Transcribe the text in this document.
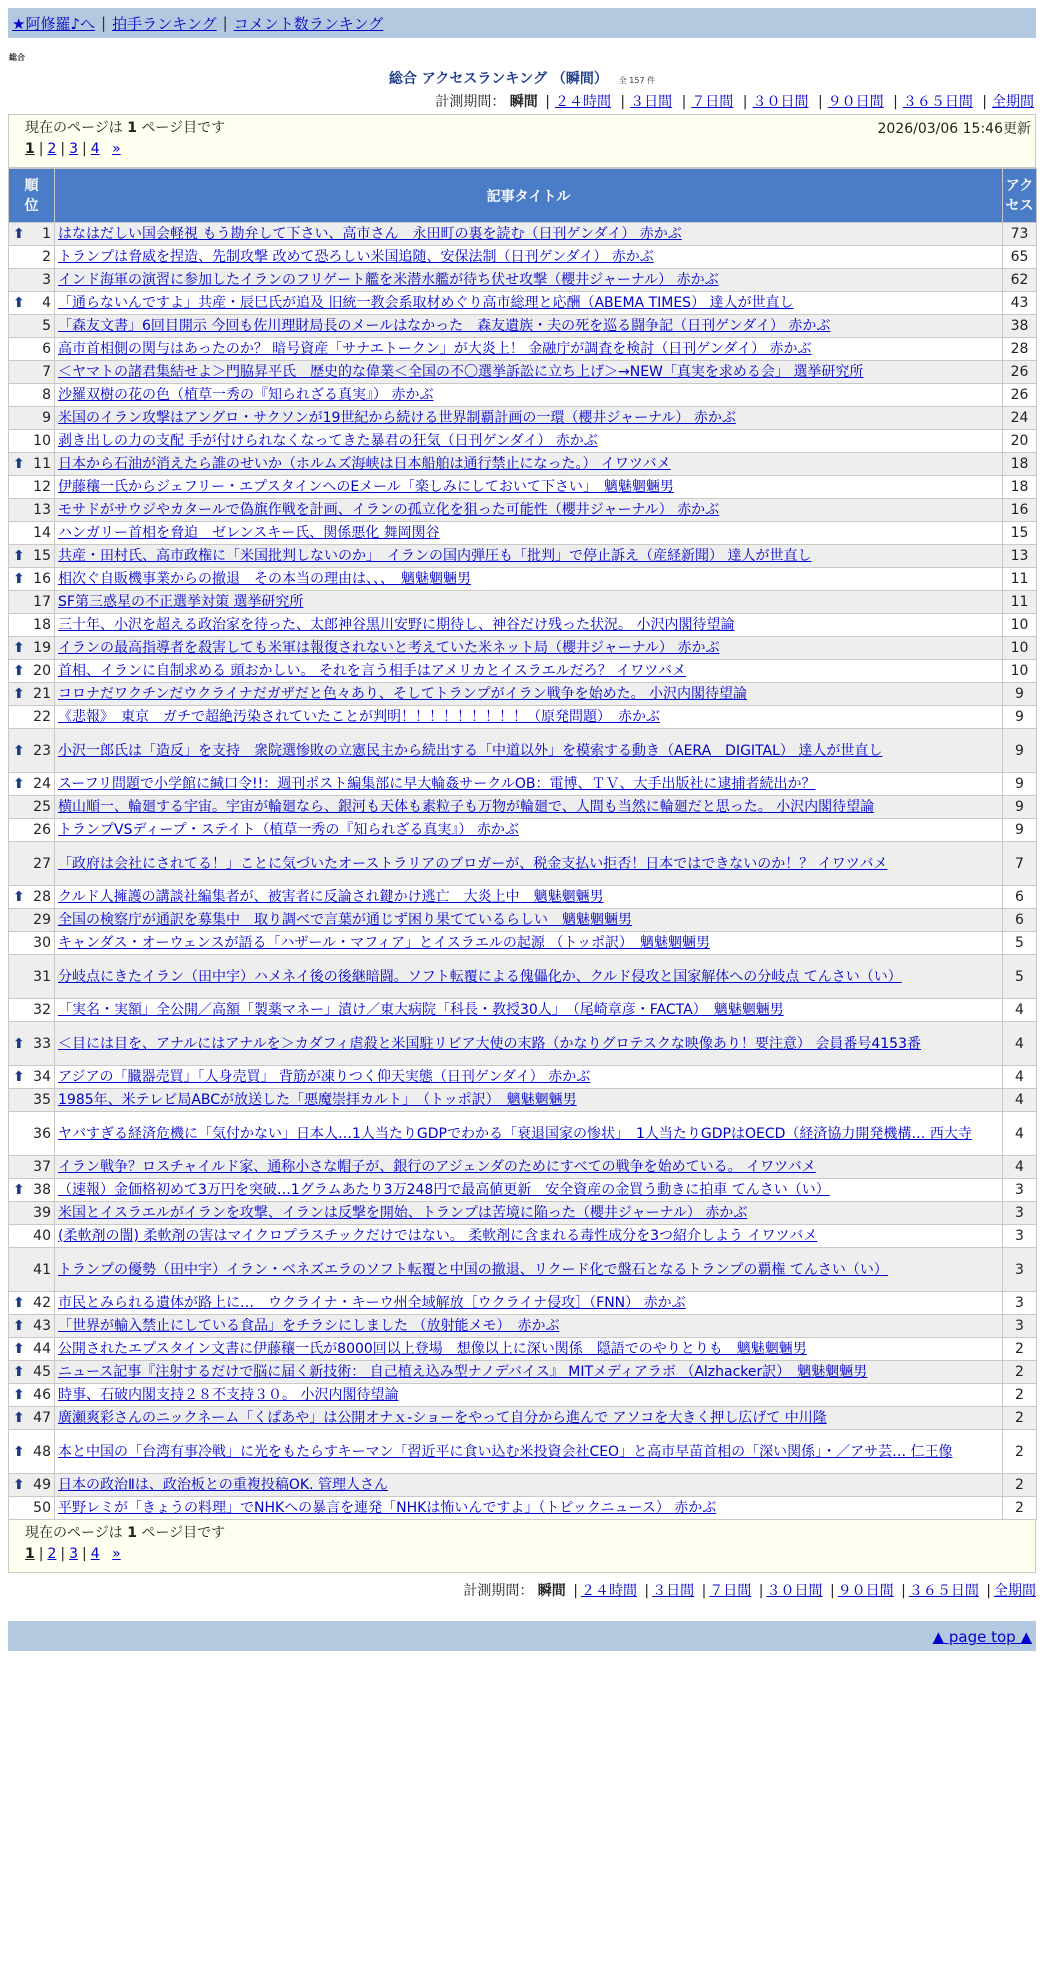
★阿修羅♪へ | 拍手ランキング | コメント数ランキング
総合
総合 アクセスランキング （瞬間） 全 157 件
計測期間： 瞬間 | ２４時間 | ３日間 | ７日間 | ３０日間 | ９０日間 | ３６５日間 | 全期間
現在のページは 1 ページ目です	2026/03/06 15:46更新
1 | 2 | 3 | 4 »
順位	記事タイトル	アクセス

⬆ 1	はなはだしい国会軽視 もう勘弁して下さい、高市さん　永田町の裏を読む（日刊ゲンダイ） 赤かぶ	73
2	トランプは脅威を捏造、先制攻撃 改めて恐ろしい米国追随、安保法制（日刊ゲンダイ） 赤かぶ	65
3	インド海軍の演習に参加したイランのフリゲート艦を米潜水艦が待ち伏せ攻撃（櫻井ジャーナル） 赤かぶ	62

⬆ 4	「通らないんですよ」共産・辰巳氏が追及 旧統一教会系取材めぐり高市総理と応酬（ABEMA TIMES） 達人が世直し	43
5	「森友文書」6回目開示 今回も佐川理財局長のメールはなかった　森友遺族・夫の死を巡る闘争記（日刊ゲンダイ） 赤かぶ	38
6	高市首相側の関与はあったのか？ 暗号資産「サナエトークン」が大炎上！ 金融庁が調査を検討（日刊ゲンダイ） 赤かぶ	28
7	＜ヤマトの諸君集結せよ＞門脇昇平氏　歴史的な偉業＜全国の不〇選挙訴訟に立ち上げ＞→NEW「真実を求める会」 選挙研究所	26
8	沙羅双樹の花の色（植草一秀の『知られざる真実』） 赤かぶ	26
9	米国のイラン攻撃はアングロ・サクソンが19世紀から続ける世界制覇計画の一環（櫻井ジャーナル） 赤かぶ	24
10	剥き出しの力の支配 手が付けられなくなってきた暴君の狂気（日刊ゲンダイ） 赤かぶ	20

⬆ 11	日本から石油が消えたら誰のせいか（ホルムズ海峡は日本船舶は通行禁止になった。） イワツバメ	18
12	伊藤穰一氏からジェフリー・エプスタインへのEメール「楽しみにしておいて下さい」　魑魅魍魎男	18
13	モサドがサウジやカタールで偽旗作戦を計画、イランの孤立化を狙った可能性（櫻井ジャーナル） 赤かぶ	16
14	ハンガリー首相を脅迫　ゼレンスキー氏、関係悪化 舞岡関谷	15

⬆ 15	共産・田村氏、高市政権に「米国批判しないのか」　イランの国内弾圧も「批判」で停止訴え（産経新聞） 達人が世直し	13

⬆ 16	相次ぐ自販機事業からの撤退　その本当の理由は、、、　魑魅魍魎男	11
17	SF第三惑星の不正選挙対策 選挙研究所	11
18	三十年、小沢を超える政治家を待った、太郎神谷黒川安野に期待し、神谷だけ残った状況。 小沢内閣待望論	10

⬆ 19	イランの最高指導者を殺害しても米軍は報復されないと考えていた米ネット局（櫻井ジャーナル） 赤かぶ	10

⬆ 20	首相、イランに自制求める 頭おかしい。 それを言う相手はアメリカとイスラエルだろ？ イワツバメ	10

⬆ 21	コロナだワクチンだウクライナだガザだと色々あり、そしてトランプがイラン戦争を始めた。 小沢内閣待望論	9
22	《悲報》　東京　ガチで超絶汚染されていたことが判明！！！！！！！！！（原発問題）　赤かぶ	9

⬆ 23	小沢一郎氏は「造反」を支持　衆院選惨敗の立憲民主から続出する「中道以外」を模索する動き（AERA　DIGITAL） 達人が世直し	9

⬆ 24	スーフリ問題で小学館に緘口令!!：週刊ポスト編集部に早大輪姦サークルOB：電博、ＴＶ、大手出版社に逮捕者続出か？	9
25	横山順一、輪廻する宇宙。宇宙が輪廻なら、銀河も天体も素粒子も万物が輪廻で、人間も当然に輪廻だと思った。 小沢内閣待望論	9
26	トランプVSディープ・ステイト（植草一秀の『知られざる真実』） 赤かぶ	9
27	「政府は会社にされてる！」ことに気づいたオーストラリアのブロガーが、税金支払い拒否！日本ではできないのか！？ イワツバメ	7

⬆ 28	クルド人擁護の講談社編集者が、被害者に反論され鍵かけ逃亡　大炎上中　魑魅魍魎男	6
29	全国の検察庁が通訳を募集中　取り調べで言葉が通じず困り果てているらしい　魑魅魍魎男	6
30	キャンダス・オーウェンスが語る「ハザール・マフィア」とイスラエルの起源 （トッポ訳）　魑魅魍魎男	5
31	分岐点にきたイラン（田中宇）ハメネイ後の後継暗闘。ソフト転覆による傀儡化か、クルド侵攻と国家解体への分岐点 てんさい（い）	5
32	「実名・実額」全公開／高額「製薬マネー」漬け／東大病院「科長・教授30人」　（尾崎章彦・FACTA）　魑魅魍魎男	4

⬆ 33	＜目には目を、アナルにはアナルを＞カダフィ虐殺と米国駐リビア大使の末路（かなりグロテスクな映像あり！要注意） 会員番号4153番	4

⬆ 34	アジアの「臓器売買」「人身売買」 背筋が凍りつく仰天実態（日刊ゲンダイ） 赤かぶ	4
35	1985年、米テレビ局ABCが放送した「悪魔崇拝カルト」　（トッポ訳）　魑魅魍魎男	4
36	ヤバすぎる経済危機に「気付かない」日本人…1人当たりGDPでわかる「衰退国家の惨状」　1人当たりGDPはOECD（経済協力開発機構… 西大寺	4
37	イラン戦争？ロスチャイルド家、通称小さな帽子が、銀行のアジェンダのためにすべての戦争を始めている。 イワツバメ	4

⬆ 38	（速報）金価格初めて3万円を突破…1グラムあたり3万248円で最高値更新　安全資産の金買う動きに拍車 てんさい（い）	3
39	米国とイスラエルがイランを攻撃、イランは反撃を開始、トランプは苦境に陥った（櫻井ジャーナル） 赤かぶ	3
40	(柔軟剤の闇) 柔軟剤の害はマイクロプラスチックだけではない。 柔軟剤に含まれる毒性成分を3つ紹介しよう イワツバメ	3
41	トランプの優勢（田中宇）イラン・ベネズエラのソフト転覆と中国の撤退、リクード化で盤石となるトランプの覇権 てんさい（い）	3

⬆ 42	市民とみられる遺体が路上に…　ウクライナ・キーウ州全域解放［ウクライナ侵攻］（FNN） 赤かぶ	3

⬆ 43	「世界が輸入禁止にしている食品」をチラシにしました （放射能メモ）　赤かぶ	3

⬆ 44	公開されたエプスタイン文書に伊藤穰一氏が8000回以上登場　想像以上に深い関係　隠語でのやりとりも　魑魅魍魎男	2

⬆ 45	ニュース記事『注射するだけで脳に届く新技術： 自己植え込み型ナノデバイス』 MITメディアラボ （Alzhacker訳）　魑魅魍魎男	2

⬆ 46	時事、石破内閣支持２８不支持３０。 小沢内閣待望論	2

⬆ 47	廣瀬爽彩さんのニックネーム「くぱあや」は公開オナｘ-ショーをやって自分から進んで アソコを大きく押し広げて 中川隆	2

⬆ 48	本と中国の「台湾有事冷戦」に光をもたらすキーマン「習近平に食い込む米投資会社CEO」と高市早苗首相の「深い関係」・／アサ芸… 仁王像	2

⬆ 49	日本の政治Ⅱは、政治板との重複投稿OK. 管理人さん	2
50	平野レミが「きょうの料理」でNHKへの暴言を連発「NHKは怖いんですよ」（トピックニュース） 赤かぶ	2
現在のページは 1 ページ目です
1 | 2 | 3 | 4 »
計測期間： 瞬間 | ２４時間 | ３日間 | ７日間 | ３０日間 | ９０日間 | ３６５日間 | 全期間
▲ page top ▲
